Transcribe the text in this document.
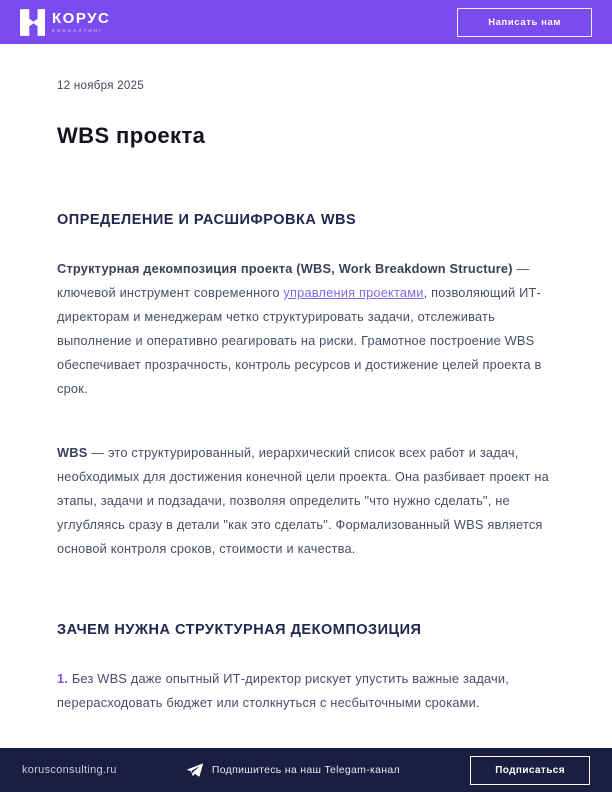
КОРУС
КОНСАЛТИНГ
Написать нам
12 ноября 2025
WBS проекта
ОПРЕДЕЛЕНИЕ И РАСШИФРОВКА WBS

Структурная декомпозиция проекта (WBS, Work Breakdown Structure) — ключевой инструмент современного управления проектами, позволяющий ИТ-директорам и менеджерам четко структурировать задачи, отслеживать выполнение и оперативно реагировать на риски. Грамотное построение WBS обеспечивает прозрачность, контроль ресурсов и достижение целей проекта в срок.

WBS — это структурированный, иерархический список всех работ и задач, необходимых для достижения конечной цели проекта. Она разбивает проект на этапы, задачи и подзадачи, позволяя определить "что нужно сделать", не углубляясь сразу в детали "как это сделать". Формализованный WBS является основой контроля сроков, стоимости и качества.

ЗАЧЕМ НУЖНА СТРУКТУРНАЯ ДЕКОМПОЗИЦИЯ

1. Без WBS даже опытный ИТ-директор рискует упустить важные задачи, перерасходовать бюджет или столкнуться с несбыточными сроками.

korusconsulting.ru	Подпишитесь на наш Telegam-канал	Подписаться
